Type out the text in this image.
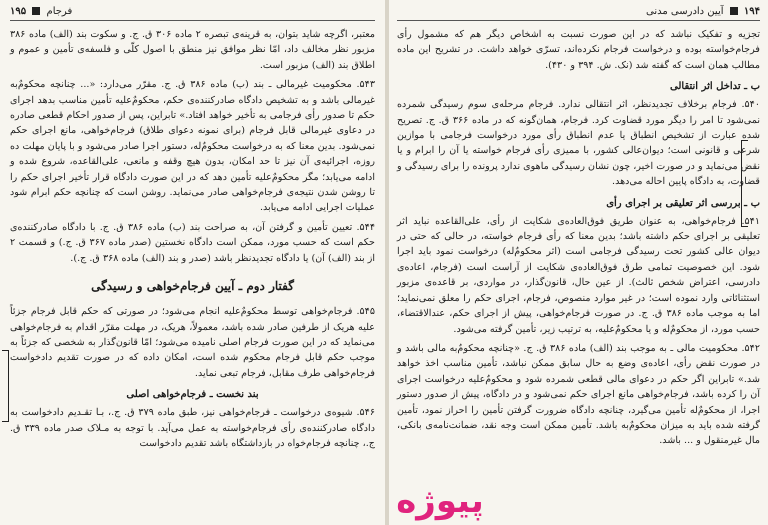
۱۹۴  آیین دادرسی مدنی

تجزیه و تفکیک نباشد که در این صورت نسبت به اشخاص دیگر هم که مشمول رأی فرجام‌خواسته بوده و درخواست فرجام نکرده‌اند، تسرّی خواهد داشت. در تشریح این ماده مطالب همان است که گفته شد (نک. ش. ۳۹۴ و ۴۳۰).

ب ـ تداخل اثر انتقالی

۵۴۰. فرجام برخلاف تجدیدنظر، اثر انتقالی ندارد. فرجام مرحله‌ی سوم رسیدگی شمرده نمی‌شود تا امر را دیگر مورد قضاوت کرد. فرجام، همان‌گونه که در ماده ۳۶۶ ق. ج. تصریح شده عبارت از تشخیص انطباق یا عدم انطباق رأی مورد درخواست فرجامی با موازین شرعی و قانونی است؛ دیوان‌عالی کشور، با ممیزی رأی فرجام خواسته یا آن را ابرام و یا نقض می‌نماید و در صورت اخیر، چون نشان رسیدگی ماهوی ندارد پرونده را برای رسیدگی و قضاوت، به دادگاه پایین احاله می‌دهد.

ب ـ بررسی اثر تعلیقی بر اجرای رأی

۵۴۱. فرجام‌خواهی، به عنوان طریق فوق‌العاده‌ی شکایت از رأی، علی‌القاعده نباید اثر تعلیقی بر اجرای حکم داشته باشد؛ بدین معنا که رأی فرجام خواسته، در حالی که حتی در دیوان عالی کشور تحت رسیدگی فرجامی است (اثر محکومٌ‌له) درخواست نمود باید اجرا شود. این خصوصیت تمامی طرق فوق‌العاده‌ی شکایت از آراست است (فرجام، اعاده‌ی دادرسی، اعتراض شخص ثالث). از عین حال، قانون‌گذار، در مواردی، بر قاعده‌ی مزبور استثنائاتی وارد نموده است؛ در غیر موارد منصوص، فرجام، اجرای حکم را معلق نمی‌نماید؛ اما به موجب ماده ۳۸۶ ق. ج. در صورت فرجام‌خواهی، پیش از اجرای حکم، عندالاقتضاء، حسب مورد، از محکومٌ‌له و یا محکومٌ‌علیه، به ترتیب زیر، تأمین گرفته می‌شود.

۵۴۲. محکومیت مالی ـ به موجب بند (الف) ماده ۳۸۶ ق. ج. «چنانچه محکومٌ‌به مالی باشد و در صورت نقض رأی، اعاده‌ی وضع به حال سابق ممکن نباشد، تأمین مناسب اخذ خواهد شد.» تابراین اگر حکم در دعوای مالی قطعی شمرده شود و محکومٌ‌علیه درخواست اجرای آن را کرده باشد، فرجام‌خواهی مانع اجرای حکم نمی‌شود و در دادگاه، پیش از صدور دستور اجرا، از محکومٌ‌له تأمین می‌گیرد، چنانچه دادگاه ضرورت گرفتن تأمین را احراز نمود، تأمین گرفته شده باید به میزان محکومٌ‌به باشد. تأمین ممکن است وجه نقد، ضمانت‌نامه‌ی بانکی، مال غیرمنقول و ... باشد.

فرجام  ۱۹۵

معتبر، اگرچه شاید بتوان، به قرینه‌ی تبصره ۲ ماده ۳۰۶ ق. ج. و سکوت بند (الف) ماده ۳۸۶ مزبور نظر مخالف داد، امّا نظر موافق نیز منطق با اصول کلّی و فلسفه‌ی تأمین و عموم و اطلاق بند (الف) مزبور است.

۵۴۳. محکومیت غیرمالی ـ بند (ب) ماده ۳۸۶ ق. ج. مقرّر می‌دارد: «... چنانچه محکومٌ‌به غیرمالی باشد و به تشخیص دادگاه صادرکننده‌ی حکم، محکومٌ‌علیه تأمین مناسب بدهد اجرای حکم تا صدور رأی فرجامی به تأخیر خواهد افتاد.» تابراین، پس از صدور احکام قطعی صادره در دعاوی غیرمالی قابل فرجام (برای نمونه دعوای طلاق) فرجام‌خواهی، مانع اجرای حکم نمی‌شود. بدین معنا که به درخواست محکومٌ‌له، دستور اجرا صادر می‌شود و با پایان مهلت ده روزه، اجرائیه‌ی آن نیز تا حد امکان، بدون هیچ وقفه و مانعی، علی‌القاعده، شروع شده و ادامه می‌یابد؛ مگر محکومٌ‌علیه تأمین دهد که در این صورت دادگاه قرار تأخیر اجرای حکم را تا روشن شدن نتیجه‌ی فرجام‌خواهی صادر می‌نماید. روشن است که چنانچه حکم ابرام شود عملیات اجرایی ادامه می‌یابد.

۵۴۴. تعیین تأمین و گرفتن آن، به صراحت بند (ب) ماده ۳۸۶ ق. ج. با دادگاه صادرکننده‌ی حکم است که حسب مورد، ممکن است دادگاه نخستین (صدر ماده ۳۶۷ ق. ج.) و قسمت ۲ از بند (الف) آن) یا دادگاه تجدیدنظر باشد (صدر و بند (الف) ماده ۳۶۸ ق. ج.).

گفتار دوم ـ آیین فرجام‌خواهی و رسیدگی

۵۴۵. فرجام‌خواهی توسط محکومٌ‌علیه انجام می‌شود؛ در صورتی که حکم قابل فرجام جزئاً علیه هریک از طرفین صادر شده باشد، معمولاً، هریک، در مهلت مقرّر اقدام به فرجام‌خواهی می‌نماید که در این صورت فرجام اصلی نامیده می‌شود؛ امّا قانون‌گذار به شخصی که جزئاً به موجب حکم قابل فرجام محکوم شده است، امکان داده که در صورت تقدیم دادخواست فرجام‌خواهی طرف مقابل، فرجام تبعی نماید.

بند نخست ـ فرجام‌خواهی اصلی

۵۴۶. شیوه‌ی درخواست ـ فرجام‌خواهی نیز، طبق ماده ۳۷۹ ق. ج.، بـا تقـدیم دادخواست به دادگاه صادرکننده‌ی رأی فرجام‌خواسته به عمل می‌آید. با توجه به مـلاک صدر ماده ۳۳۹ ق. ج.، چنانچه فرجام‌خواه در بازداشتگاه باشد تقدیم دادخواست

پیوژه
